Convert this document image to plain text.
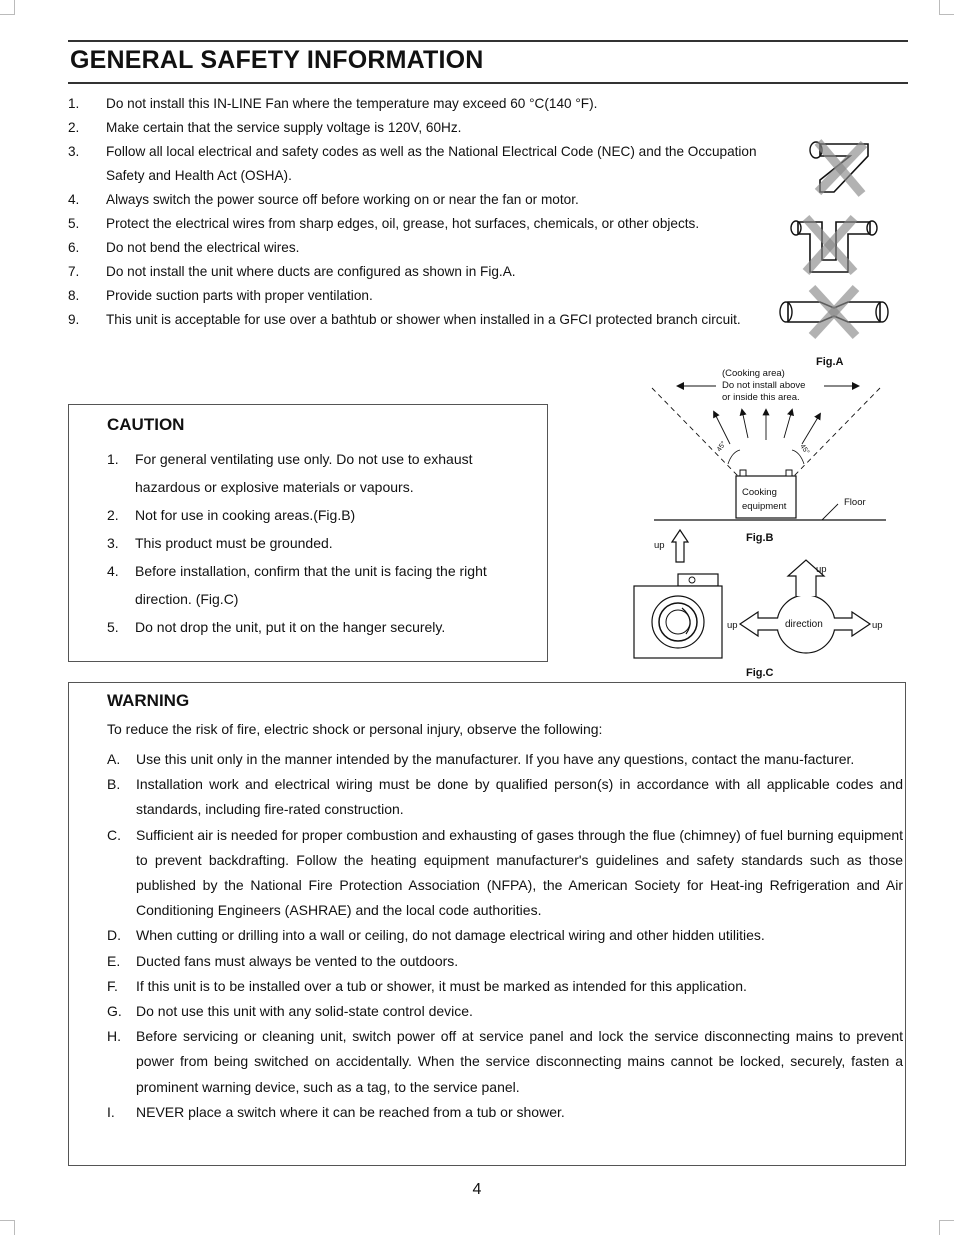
GENERAL SAFETY INFORMATION
1. Do not install this IN-LINE Fan where the temperature may exceed 60 °C(140 °F).
2. Make certain that the service supply voltage is 120V, 60Hz.
3. Follow all local electrical and safety codes as well as the National Electrical Code (NEC) and the Occupation Safety and Health Act (OSHA).
4. Always switch the power source off before working on or near the fan or motor.
5. Protect the electrical wires from sharp edges, oil, grease, hot surfaces, chemicals, or other objects.
6. Do not bend the electrical wires.
7. Do not install the unit where ducts are configured as shown in Fig.A.
8. Provide suction parts with proper ventilation.
9. This unit is acceptable for use over a bathtub or shower when installed in a GFCI protected branch circuit.
Fig.A
(Cooking area)
Do not install above
or inside this area.
45°	45°
Cooking
equipment	Floor
Fig.B
up
direction
up
up	up
Fig.C
CAUTION
1. For general ventilating use only. Do not use to exhaust hazardous or explosive materials or vapours.
2. Not for use in cooking areas.(Fig.B)
3. This product must be grounded.
4. Before installation, confirm that the unit is facing the right direction. (Fig.C)
5. Do not drop the unit, put it on the hanger securely.
WARNING
To reduce the risk of fire, electric shock or personal injury, observe the following:
A. Use this unit only in the manner intended by the manufacturer. If you have any questions, contact the manu-facturer.
B. Installation work and electrical wiring must be done by qualified person(s) in accordance with all applicable codes and standards, including fire-rated construction.
C. Sufficient air is needed for proper combustion and exhausting of gases through the flue (chimney) of fuel burning equipment to prevent backdrafting. Follow the heating equipment manufacturer's guidelines and safety standards such as those published by the National Fire Protection Association (NFPA), the American Society for Heat-ing Refrigeration and Air Conditioning Engineers (ASHRAE) and the local code authorities.
D. When cutting or drilling into a wall or ceiling, do not damage electrical wiring and other hidden utilities.
E. Ducted fans must always be vented to the outdoors.
F. If this unit is to be installed over a tub or shower, it must be marked as intended for this application.
G. Do not use this unit with any solid-state control device.
H. Before servicing or cleaning unit, switch power off at service panel and lock the service disconnecting mains to prevent power from being switched on accidentally. When the service disconnecting mains cannot be locked, securely, fasten a prominent warning device, such as a tag, to the service panel.
I. NEVER place a switch where it can be reached from a tub or shower.
4
